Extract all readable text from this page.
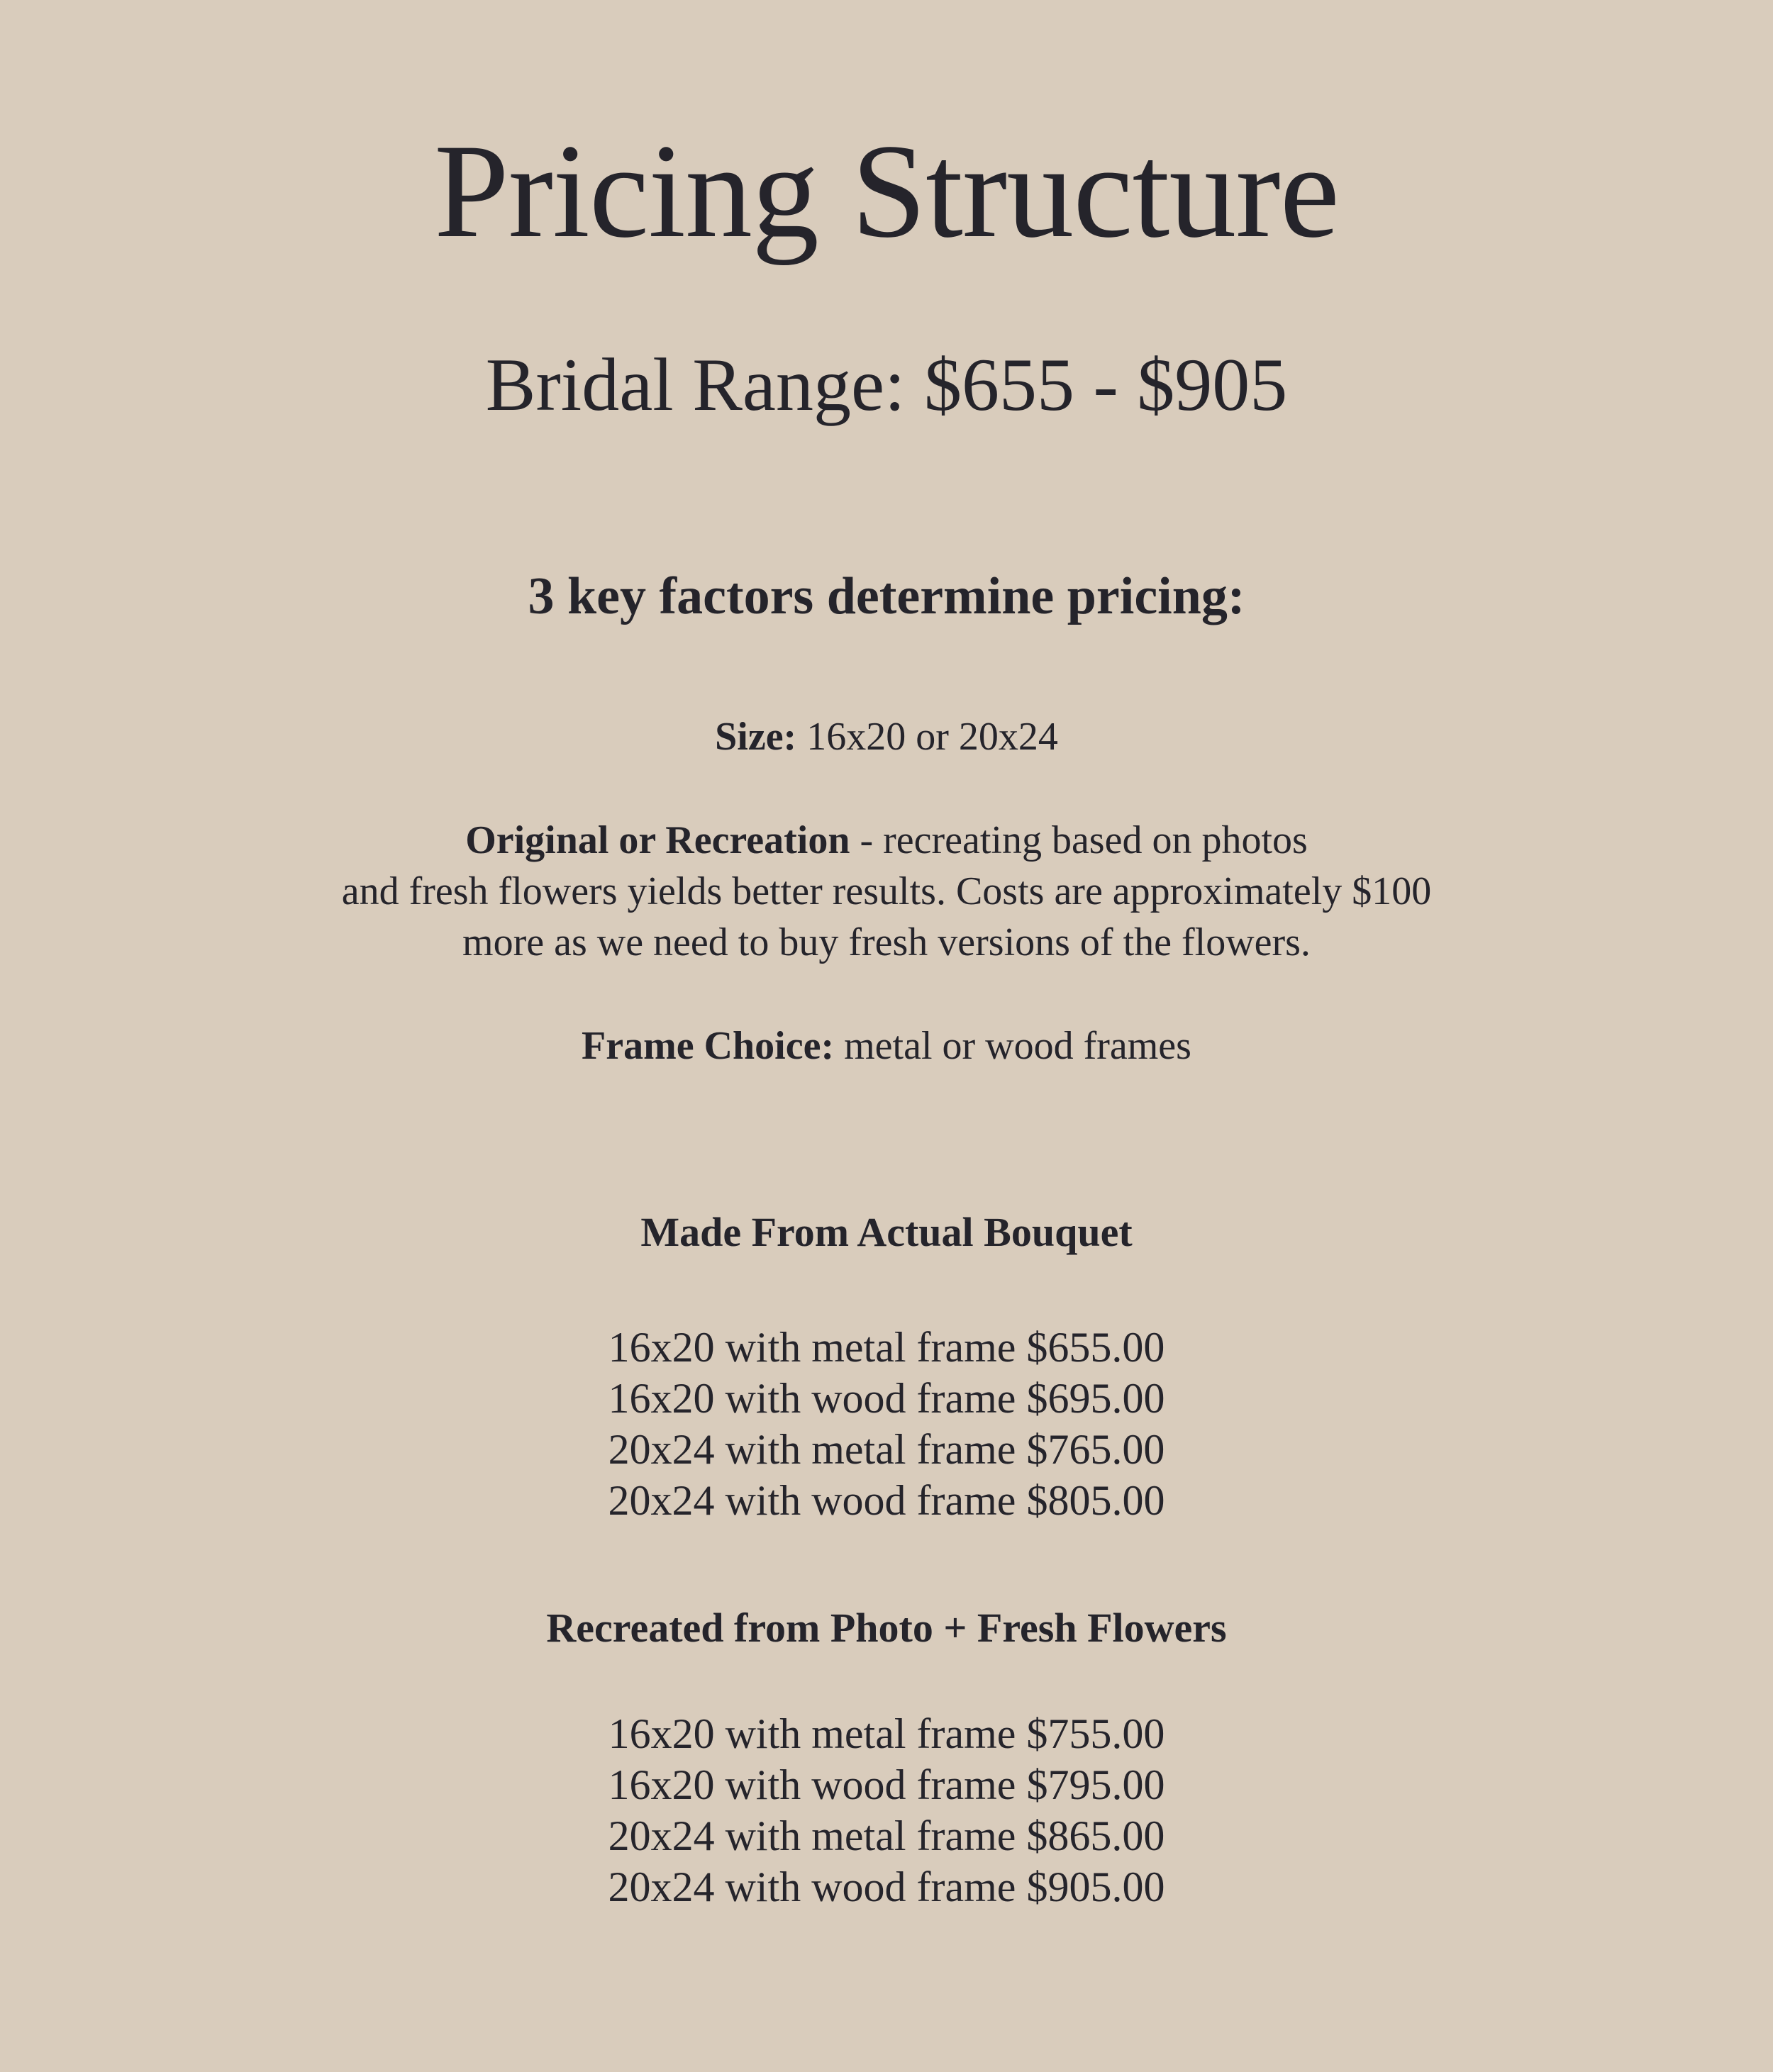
Pricing Structure
Bridal Range: $655 - $905
3 key factors determine pricing:
Size: 16x20 or 20x24
Original or Recreation - recreating based on photos
and fresh flowers yields better results. Costs are approximately $100
more as we need to buy fresh versions of the flowers.
Frame Choice: metal or wood frames
Made From Actual Bouquet
16x20 with metal frame $655.00
16x20 with wood frame $695.00
20x24 with metal frame $765.00
20x24 with wood frame $805.00
Recreated from Photo + Fresh Flowers
16x20 with metal frame $755.00
16x20 with wood frame $795.00
20x24 with metal frame $865.00
20x24 with wood frame $905.00
